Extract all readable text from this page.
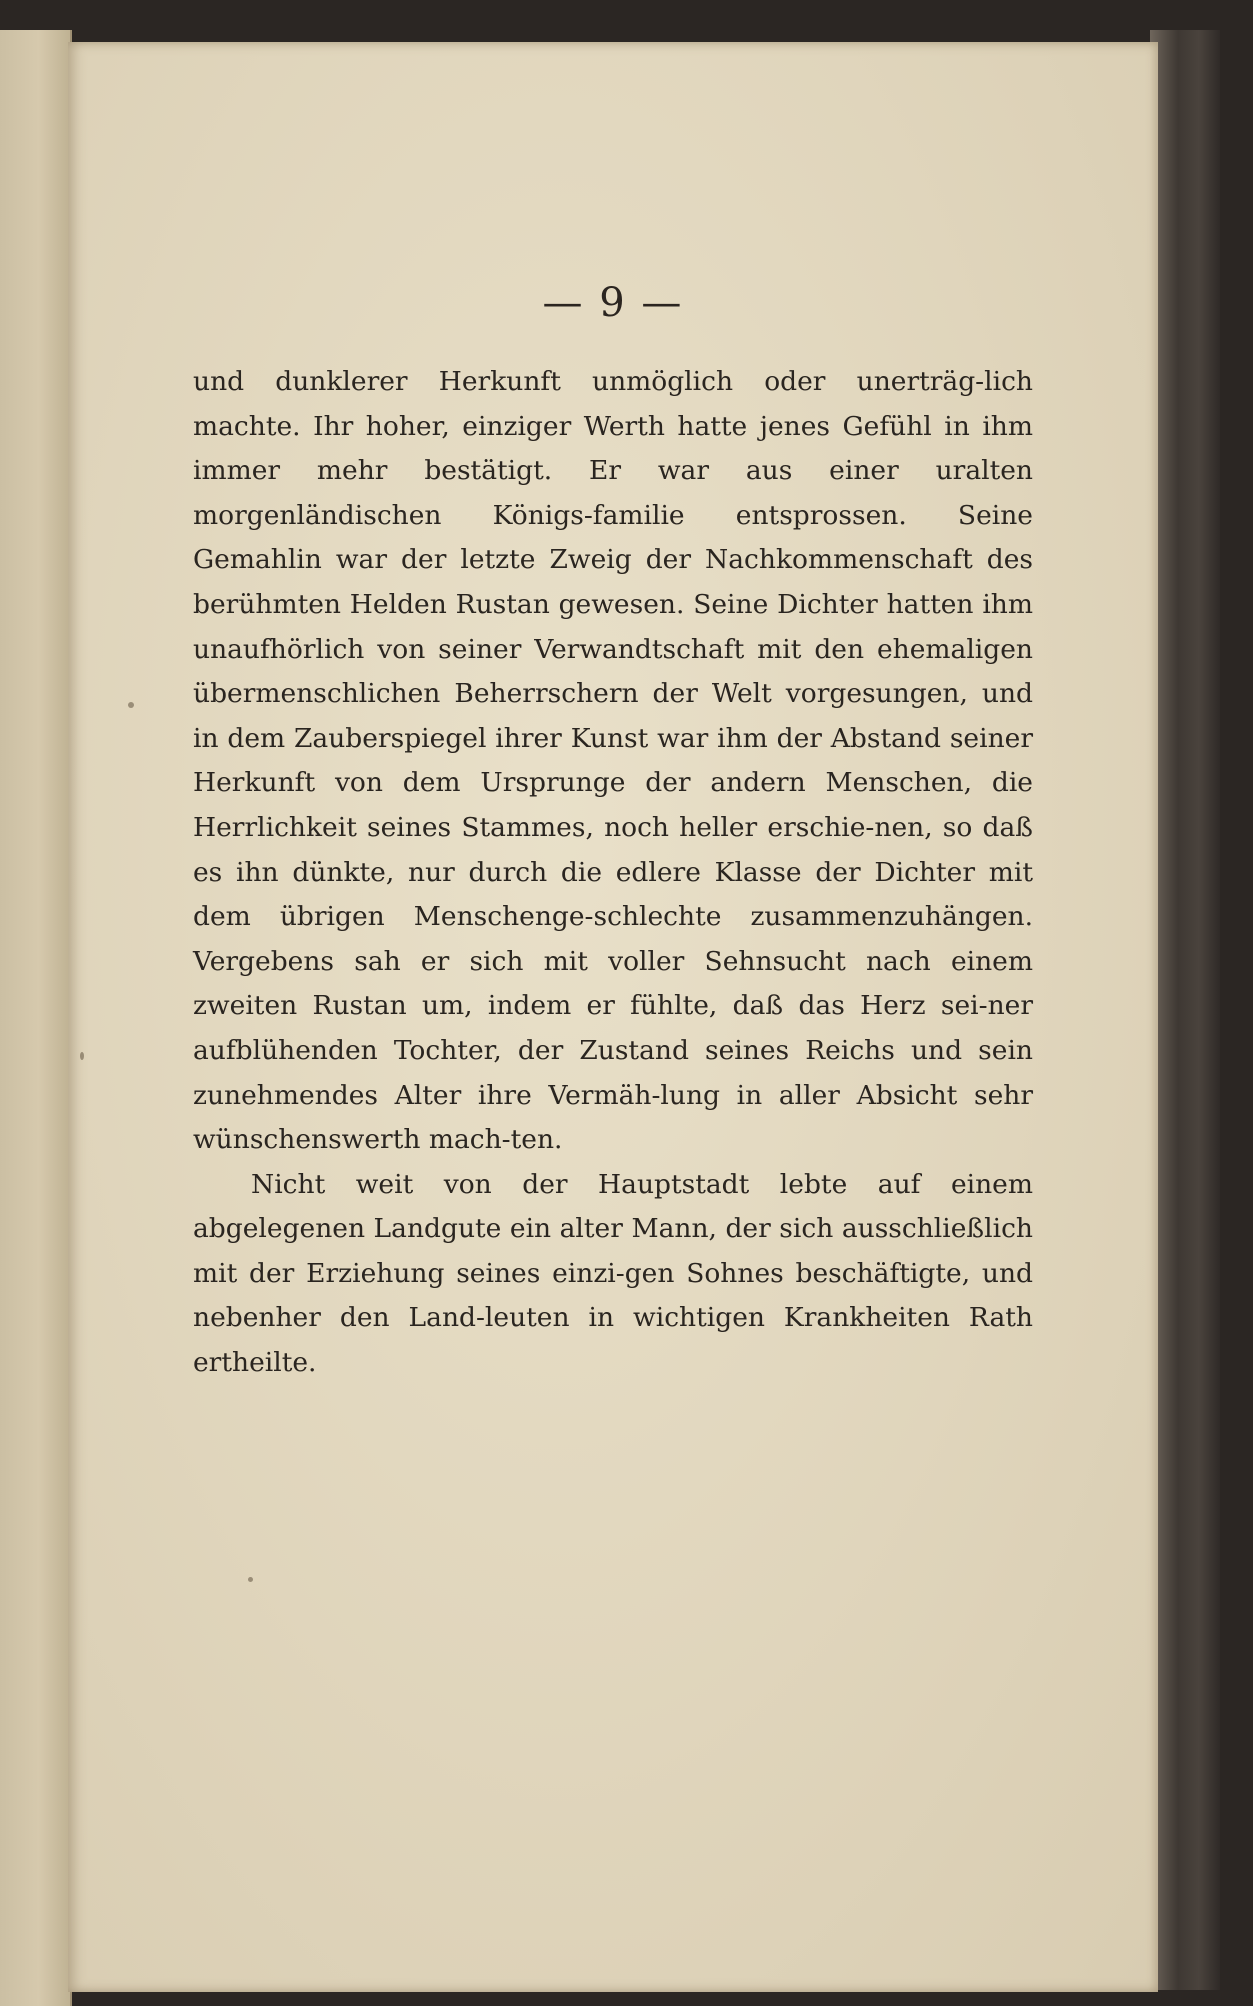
— 9 —

und dunklerer Herkunft unmöglich oder unerträg-lich machte. Ihr hoher, einziger Werth hatte jenes Gefühl in ihm immer mehr bestätigt. Er war aus einer uralten morgenländischen Königs-familie entsprossen. Seine Gemahlin war der letzte Zweig der Nachkommenschaft des berühmten Helden Rustan gewesen. Seine Dichter hatten ihm unaufhörlich von seiner Verwandtschaft mit den ehemaligen übermenschlichen Beherrschern der Welt vorgesungen, und in dem Zauberspiegel ihrer Kunst war ihm der Abstand seiner Herkunft von dem Ursprunge der andern Menschen, die Herrlichkeit seines Stammes, noch heller erschie-nen, so daß es ihn dünkte, nur durch die edlere Klasse der Dichter mit dem übrigen Menschenge-schlechte zusammenzuhängen. Vergebens sah er sich mit voller Sehnsucht nach einem zweiten Rustan um, indem er fühlte, daß das Herz sei-ner aufblühenden Tochter, der Zustand seines Reichs und sein zunehmendes Alter ihre Vermäh-lung in aller Absicht sehr wünschenswerth mach-ten.

Nicht weit von der Hauptstadt lebte auf einem abgelegenen Landgute ein alter Mann, der sich ausschließlich mit der Erziehung seines einzi-gen Sohnes beschäftigte, und nebenher den Land-leuten in wichtigen Krankheiten Rath ertheilte.
